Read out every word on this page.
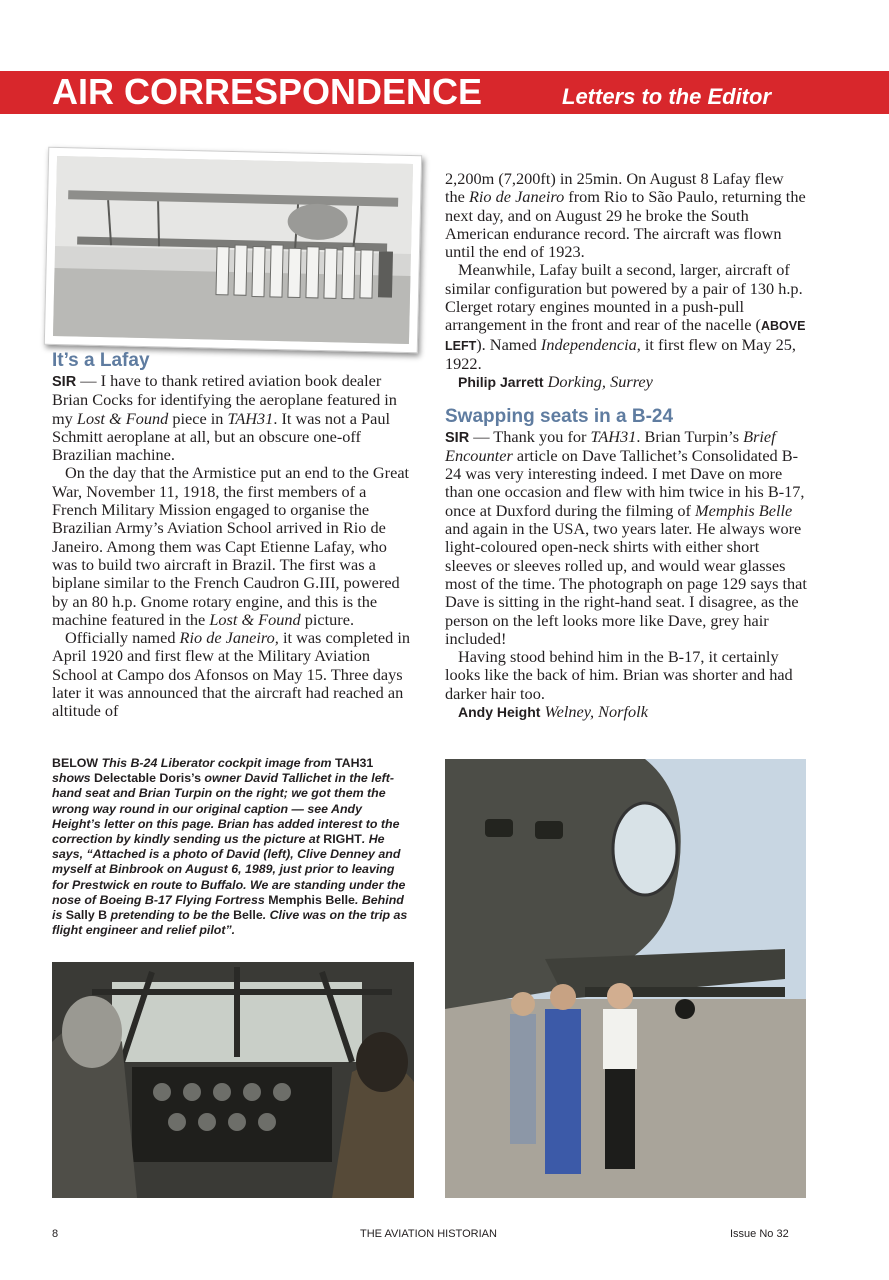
AIR CORRESPONDENCE	Letters to the Editor
It’s a Lafay

SIR — I have to thank retired aviation book dealer Brian Cocks for identifying the aeroplane featured in my Lost & Found piece in TAH31. It was not a Paul Schmitt aeroplane at all, but an obscure one-off Brazilian machine.

On the day that the Armistice put an end to the Great War, November 11, 1918, the first members of a French Military Mission engaged to organise the Brazilian Army’s Aviation School arrived in Rio de Janeiro. Among them was Capt Etienne Lafay, who was to build two aircraft in Brazil. The first was a biplane similar to the French Caudron G.III, powered by an 80 h.p. Gnome rotary engine, and this is the machine featured in the Lost & Found picture.

Officially named Rio de Janeiro, it was completed in April 1920 and first flew at the Military Aviation School at Campo dos Afonsos on May 15. Three days later it was announced that the aircraft had reached an altitude of

BELOW This B-24 Liberator cockpit image from TAH31 shows Delectable Doris’s owner David Tallichet in the left-hand seat and Brian Turpin on the right; we got them the wrong way round in our original caption — see Andy Height’s letter on this page. Brian has added interest to the correction by kindly sending us the picture at RIGHT. He says, “Attached is a photo of David (left), Clive Denney and myself at Binbrook on August 6, 1989, just prior to leaving for Prestwick en route to Buffalo. We are standing under the nose of Boeing B-17 Flying Fortress Memphis Belle. Behind is Sally B pretending to be the Belle. Clive was on the trip as flight engineer and relief pilot”.

2,200m (7,200ft) in 25min. On August 8 Lafay flew the Rio de Janeiro from Rio to São Paulo, returning the next day, and on August 29 he broke the South American endurance record. The aircraft was flown until the end of 1923.

Meanwhile, Lafay built a second, larger, aircraft of similar configuration but powered by a pair of 130 h.p. Clerget rotary engines mounted in a push-pull arrangement in the front and rear of the nacelle (ABOVE LEFT). Named Independencia, it first flew on May 25, 1922.

Philip Jarrett Dorking, Surrey

Swapping seats in a B-24

SIR — Thank you for TAH31. Brian Turpin’s Brief Encounter article on Dave Tallichet’s Consolidated B-24 was very interesting indeed. I met Dave on more than one occasion and flew with him twice in his B-17, once at Duxford during the filming of Memphis Belle and again in the USA, two years later. He always wore light-coloured open-neck shirts with either short sleeves or sleeves rolled up, and would wear glasses most of the time. The photograph on page 129 says that Dave is sitting in the right-hand seat. I disagree, as the person on the left looks more like Dave, grey hair included!

Having stood behind him in the B-17, it certainly looks like the back of him. Brian was shorter and had darker hair too.

Andy Height Welney, Norfolk

8	THE AVIATION HISTORIAN	Issue No 32
